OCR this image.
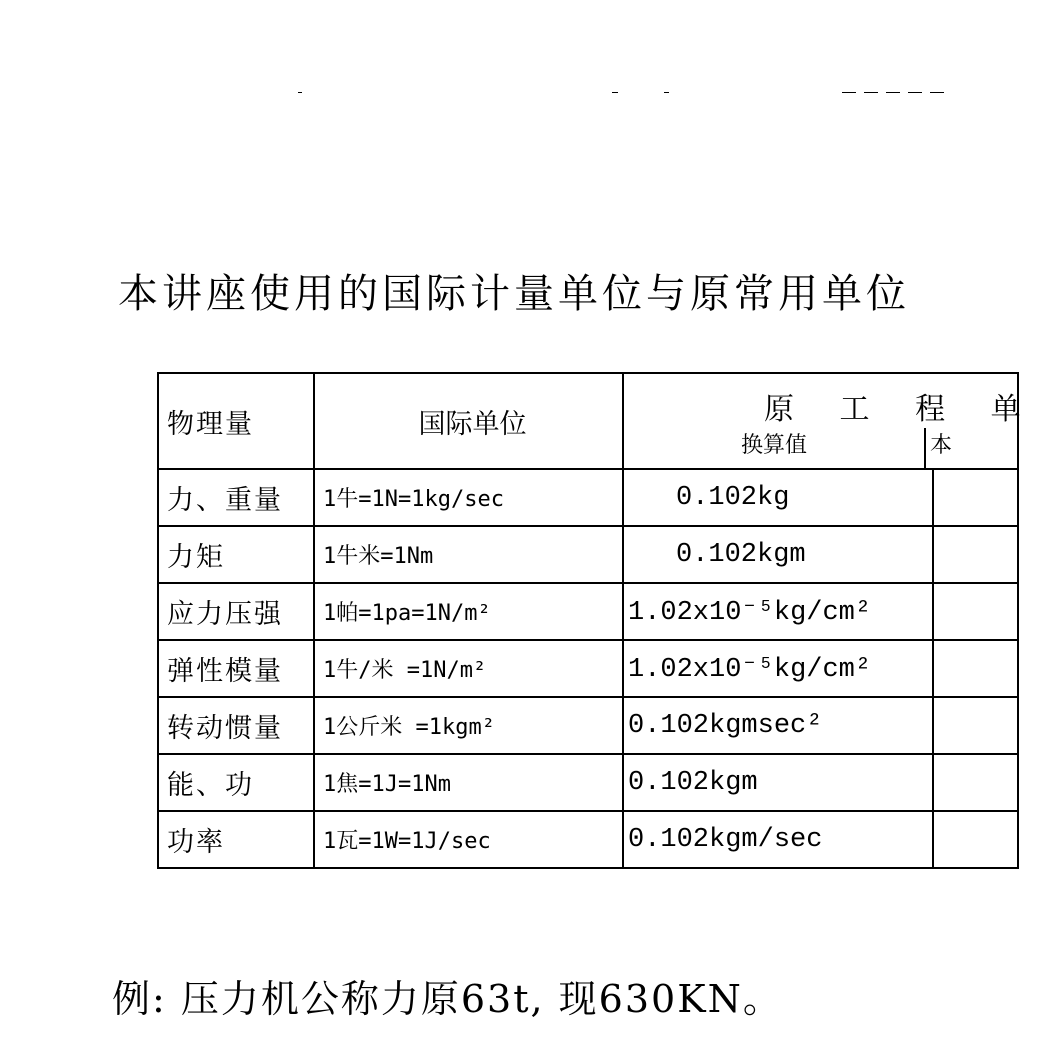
本讲座使用的国际计量单位与原常用单位
物理量	国际单位	原 工 程 单
换算值 本	

力、重量	1牛=1N=1kg/sec	0.102kg	
力矩	1牛米=1Nm	0.102kgm	
应力压强	1帕=1pa=1N/m²	1.02x10⁻⁵kg/cm²	
弹性模量	1牛/米 =1N/m²	1.02x10⁻⁵kg/cm²	
转动惯量	1公斤米 =1kgm²	0.102kgmsec²	
能、功	1焦=1J=1Nm	0.102kgm	
功率	1瓦=1W=1J/sec	0.102kgm/sec	
例: 压力机公称力原63t, 现630KN。
